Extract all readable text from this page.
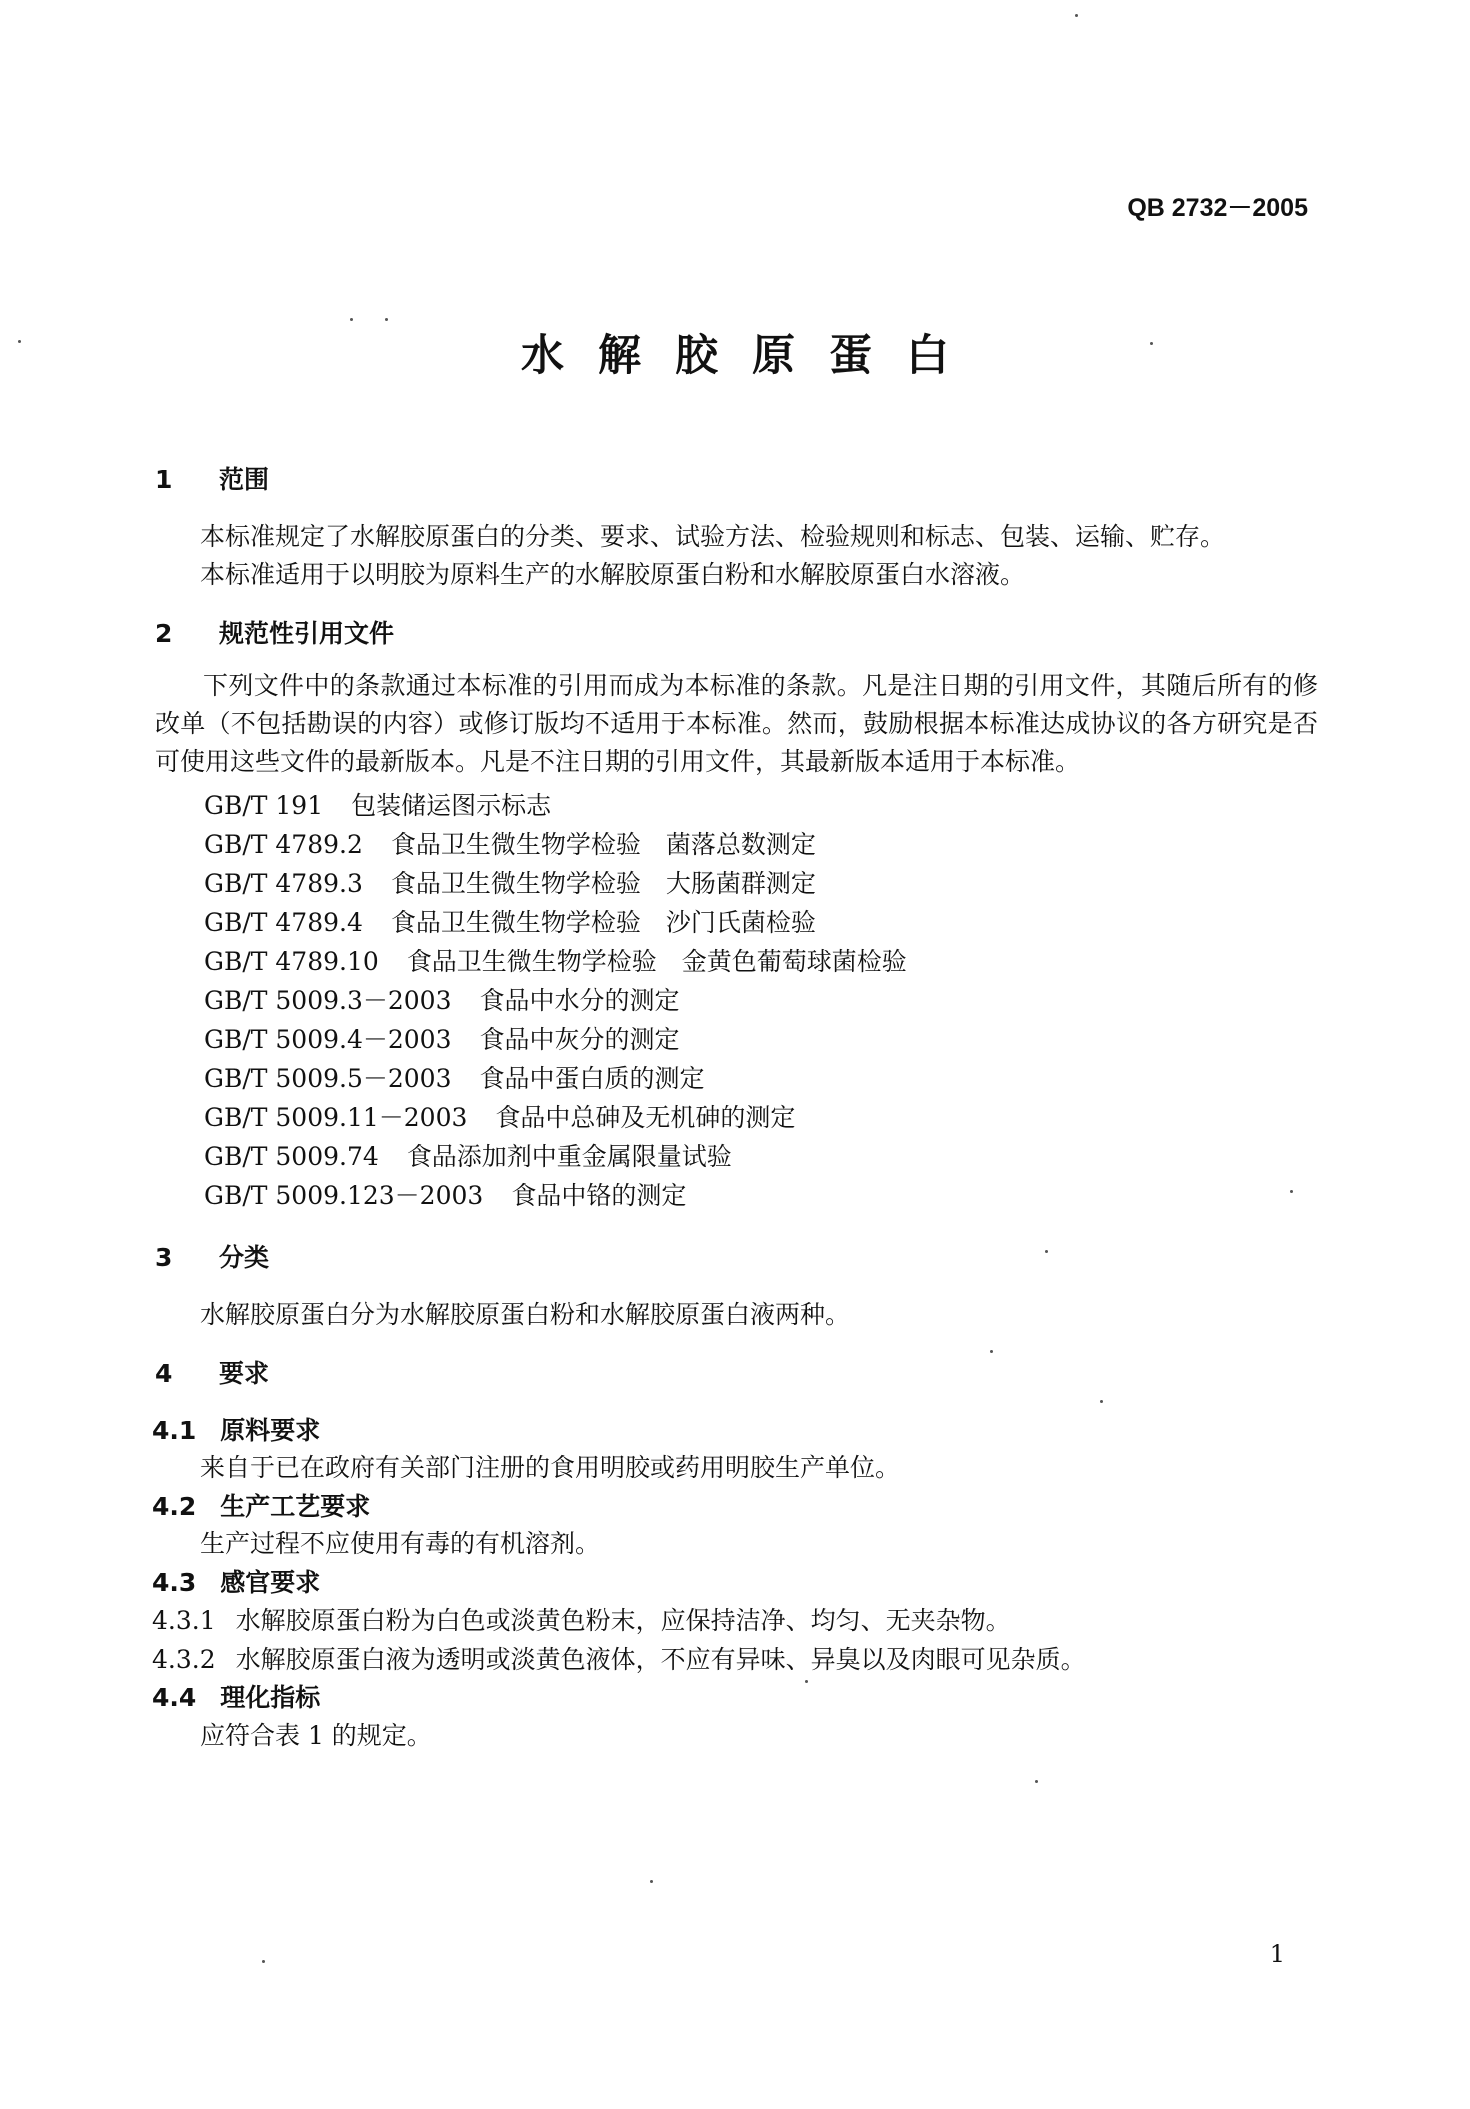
QB 2732－2005
水解胶原蛋白
1 范围
本标准规定了水解胶原蛋白的分类、要求、试验方法、检验规则和标志、包装、运输、贮存。
本标准适用于以明胶为原料生产的水解胶原蛋白粉和水解胶原蛋白水溶液。
2 规范性引用文件
下列文件中的条款通过本标准的引用而成为本标准的条款。凡是注日期的引用文件，其随后所有的修改单（不包括勘误的内容）或修订版均不适用于本标准。然而，鼓励根据本标准达成协议的各方研究是否可使用这些文件的最新版本。凡是不注日期的引用文件，其最新版本适用于本标准。
GB/T 191 包装储运图示标志
GB/T 4789.2 食品卫生微生物学检验　菌落总数测定
GB/T 4789.3 食品卫生微生物学检验　大肠菌群测定
GB/T 4789.4 食品卫生微生物学检验　沙门氏菌检验
GB/T 4789.10 食品卫生微生物学检验　金黄色葡萄球菌检验
GB/T 5009.3－2003 食品中水分的测定
GB/T 5009.4－2003 食品中灰分的测定
GB/T 5009.5－2003 食品中蛋白质的测定
GB/T 5009.11－2003 食品中总砷及无机砷的测定
GB/T 5009.74 食品添加剂中重金属限量试验
GB/T 5009.123－2003 食品中铬的测定
3 分类
水解胶原蛋白分为水解胶原蛋白粉和水解胶原蛋白液两种。
4 要求
4.1 原料要求
来自于已在政府有关部门注册的食用明胶或药用明胶生产单位。
4.2 生产工艺要求
生产过程不应使用有毒的有机溶剂。
4.3 感官要求
4.3.1 水解胶原蛋白粉为白色或淡黄色粉末，应保持洁净、均匀、无夹杂物。
4.3.2 水解胶原蛋白液为透明或淡黄色液体，不应有异味、异臭以及肉眼可见杂质。
4.4 理化指标
应符合表 1 的规定。
1
